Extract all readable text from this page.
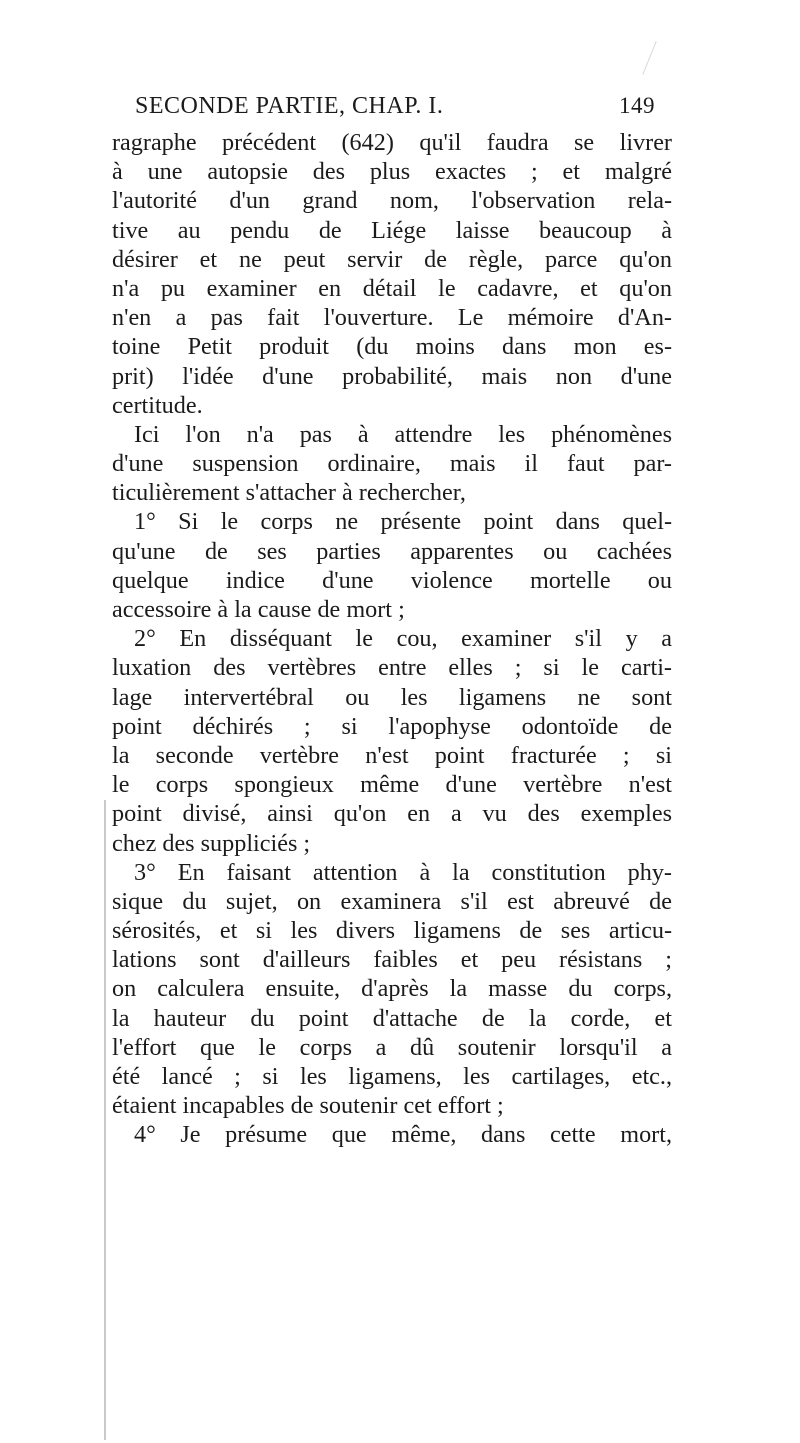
SECONDE PARTIE, CHAP. I.	149
ragraphe précédent (642) qu'il faudra se livrer
à une autopsie des plus exactes ; et malgré
l'autorité d'un grand nom, l'observation rela-
tive au pendu de Liége laisse beaucoup à
désirer et ne peut servir de règle, parce qu'on
n'a pu examiner en détail le cadavre, et qu'on
n'en a pas fait l'ouverture. Le mémoire d'An-
toine Petit produit (du moins dans mon es-
prit) l'idée d'une probabilité, mais non d'une
certitude.
Ici l'on n'a pas à attendre les phénomènes
d'une suspension ordinaire, mais il faut par-
ticulièrement s'attacher à rechercher,
1° Si le corps ne présente point dans quel-
qu'une de ses parties apparentes ou cachées
quelque indice d'une violence mortelle ou
accessoire à la cause de mort ;
2° En disséquant le cou, examiner s'il y a
luxation des vertèbres entre elles ; si le carti-
lage intervertébral ou les ligamens ne sont
point déchirés ; si l'apophyse odontoïde de
la seconde vertèbre n'est point fracturée ; si
le corps spongieux même d'une vertèbre n'est
point divisé, ainsi qu'on en a vu des exemples
chez des suppliciés ;
3° En faisant attention à la constitution phy-
sique du sujet, on examinera s'il est abreuvé de
sérosités, et si les divers ligamens de ses articu-
lations sont d'ailleurs faibles et peu résistans ;
on calculera ensuite, d'après la masse du corps,
la hauteur du point d'attache de la corde, et
l'effort que le corps a dû soutenir lorsqu'il a
été lancé ; si les ligamens, les cartilages, etc.,
étaient incapables de soutenir cet effort ;
4° Je présume que même, dans cette mort,
